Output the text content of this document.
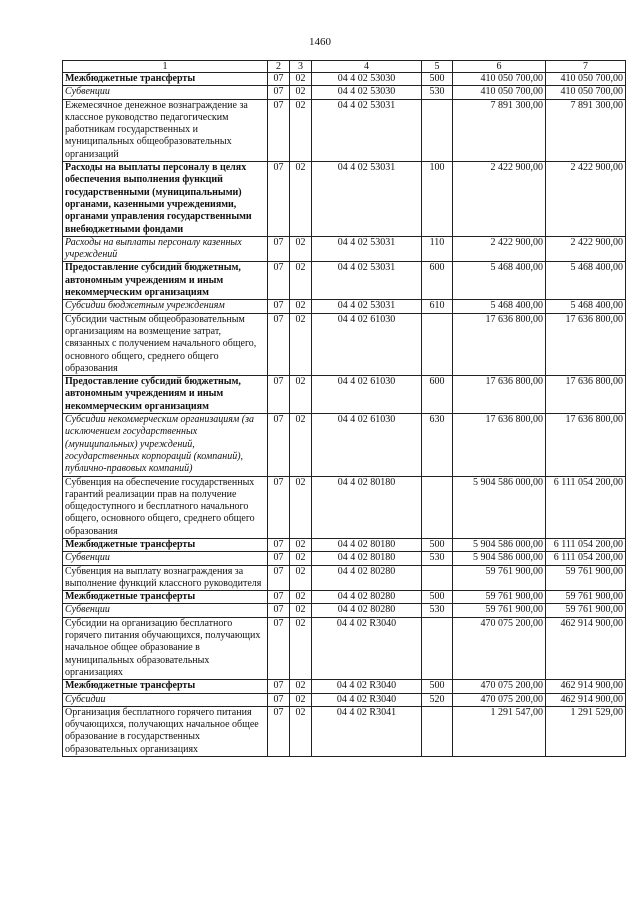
1460
1	2	3	4	5	6	7
Межбюджетные трансферты	07	02	04 4 02 53030	500	410 050 700,00	410 050 700,00
Субвенции	07	02	04 4 02 53030	530	410 050 700,00	410 050 700,00
Ежемесячное денежное вознаграждение за классное руководство педагогическим работникам государственных и муниципальных общеобразовательных организаций	07	02	04 4 02 53031		7 891 300,00	7 891 300,00
Расходы на выплаты персоналу в целях обеспечения выполнения функций государственными (муниципальными) органами, казенными учреждениями, органами управления государственными внебюджетными фондами	07	02	04 4 02 53031	100	2 422 900,00	2 422 900,00
Расходы на выплаты персоналу казенных учреждений	07	02	04 4 02 53031	110	2 422 900,00	2 422 900,00
Предоставление субсидий бюджетным, автономным учреждениям и иным некоммерческим организациям	07	02	04 4 02 53031	600	5 468 400,00	5 468 400,00
Субсидии бюджетным учреждениям	07	02	04 4 02 53031	610	5 468 400,00	5 468 400,00
Субсидии частным общеобразовательным организациям на возмещение затрат, связанных с получением начального общего, основного общего, среднего общего образования	07	02	04 4 02 61030		17 636 800,00	17 636 800,00
Предоставление субсидий бюджетным, автономным учреждениям и иным некоммерческим организациям	07	02	04 4 02 61030	600	17 636 800,00	17 636 800,00
Субсидии некоммерческим организациям (за исключением государственных (муниципальных) учреждений, государственных корпораций (компаний), публично-правовых компаний)	07	02	04 4 02 61030	630	17 636 800,00	17 636 800,00
Субвенция на обеспечение государственных гарантий реализации прав на получение общедоступного и бесплатного начального общего, основного общего, среднего общего образования	07	02	04 4 02 80180		5 904 586 000,00	6 111 054 200,00
Межбюджетные трансферты	07	02	04 4 02 80180	500	5 904 586 000,00	6 111 054 200,00
Субвенции	07	02	04 4 02 80180	530	5 904 586 000,00	6 111 054 200,00
Субвенция на выплату вознаграждения за выполнение функций классного руководителя	07	02	04 4 02 80280		59 761 900,00	59 761 900,00
Межбюджетные трансферты	07	02	04 4 02 80280	500	59 761 900,00	59 761 900,00
Субвенции	07	02	04 4 02 80280	530	59 761 900,00	59 761 900,00
Субсидии на организацию бесплатного горячего питания обучающихся, получающих начальное общее образование в муниципальных образовательных организациях	07	02	04 4 02 R3040		470 075 200,00	462 914 900,00
Межбюджетные трансферты	07	02	04 4 02 R3040	500	470 075 200,00	462 914 900,00
Субсидии	07	02	04 4 02 R3040	520	470 075 200,00	462 914 900,00
Организация бесплатного горячего питания обучающихся, получающих начальное общее образование в государственных образовательных организациях	07	02	04 4 02 R3041		1 291 547,00	1 291 529,00
